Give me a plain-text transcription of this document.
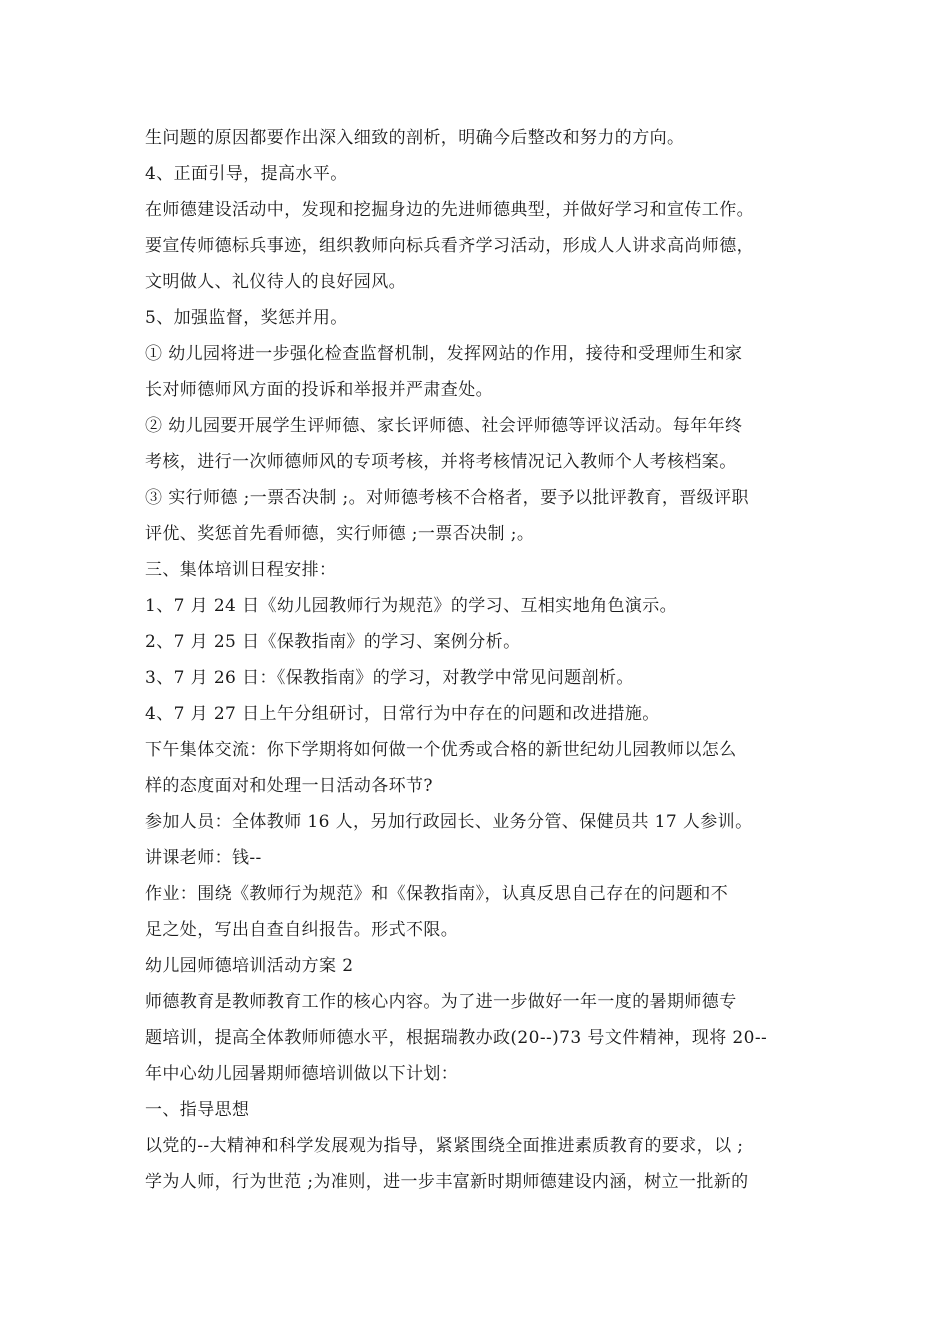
生问题的原因都要作出深入细致的剖析，明确今后整改和努力的方向。
4、正面引导，提高水平。
在师德建设活动中，发现和挖掘身边的先进师德典型，并做好学习和宣传工作。
要宣传师德标兵事迹，组织教师向标兵看齐学习活动，形成人人讲求高尚师德，
文明做人、礼仪待人的良好园风。
5、加强监督，奖惩并用。
① 幼儿园将进一步强化检查监督机制，发挥网站的作用，接待和受理师生和家
长对师德师风方面的投诉和举报并严肃查处。
② 幼儿园要开展学生评师德、家长评师德、社会评师德等评议活动。每年年终
考核，进行一次师德师风的专项考核，并将考核情况记入教师个人考核档案。
③ 实行师德 ;一票否决制 ;。对师德考核不合格者，要予以批评教育，晋级评职
评优、奖惩首先看师德，实行师德 ;一票否决制 ;。
三、集体培训日程安排：
1、7 月 24 日《幼儿园教师行为规范》的学习、互相实地角色演示。
2、7 月 25 日《保教指南》的学习、案例分析。
3、7 月 26 日：《保教指南》的学习，对教学中常见问题剖析。
4、7 月 27 日上午分组研讨，日常行为中存在的问题和改进措施。
下午集体交流：你下学期将如何做一个优秀或合格的新世纪幼儿园教师以怎么
样的态度面对和处理一日活动各环节?
参加人员：全体教师 16 人，另加行政园长、业务分管、保健员共 17 人参训。
讲课老师：钱--
作业：围绕《教师行为规范》和《保教指南》，认真反思自己存在的问题和不
足之处，写出自查自纠报告。形式不限。
幼儿园师德培训活动方案 2
师德教育是教师教育工作的核心内容。为了进一步做好一年一度的暑期师德专
题培训，提高全体教师师德水平，根据瑞教办政(20--)73 号文件精神，现将 20--
年中心幼儿园暑期师德培训做以下计划：
一、指导思想
以党的--大精神和科学发展观为指导，紧紧围绕全面推进素质教育的要求，以 ;
学为人师，行为世范 ;为准则，进一步丰富新时期师德建设内涵，树立一批新的
